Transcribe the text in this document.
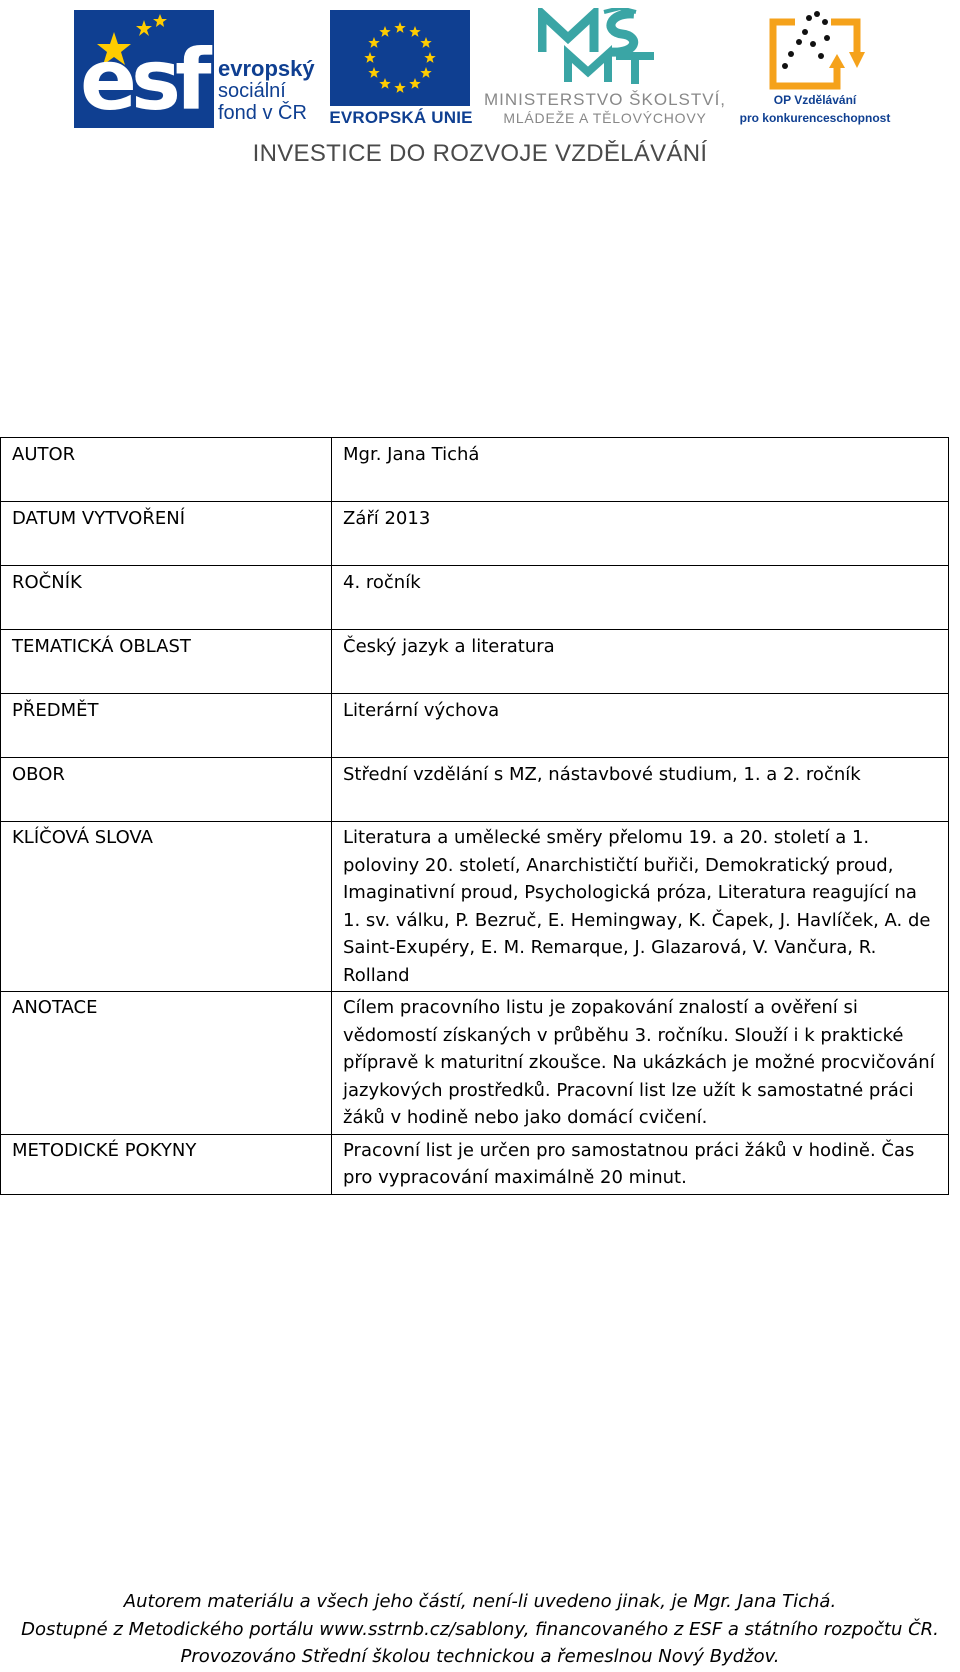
esf evropský
sociální
fond v ČR	EVROPSKÁ UNIE
MINISTERSTVO ŠKOLSTVÍ,
MLÁDEŽE A TĚLOVÝCHOVY
OP Vzdělávání
pro konkurenceschopnost
INVESTICE DO ROZVOJE VZDĚLÁVÁNÍ
AUTOR	Mgr. Jana Tichá
DATUM VYTVOŘENÍ	Září 2013
ROČNÍK	4. ročník
TEMATICKÁ OBLAST	Český jazyk a literatura
PŘEDMĚT	Literární výchova
OBOR	Střední vzdělání s MZ, nástavbové studium, 1. a 2. ročník
KLÍČOVÁ SLOVA	Literatura a umělecké směry přelomu 19. a 20. století a 1. poloviny 20. století, Anarchističtí buřiči, Demokratický proud, Imaginativní proud, Psychologická próza, Literatura reagující na 1. sv. válku, P. Bezruč, E. Hemingway, K. Čapek, J. Havlíček, A. de Saint-Exupéry, E. M. Remarque, J. Glazarová, V. Vančura, R. Rolland
ANOTACE	Cílem pracovního listu je zopakování znalostí a ověření si vědomostí získaných v průběhu 3. ročníku. Slouží i k praktické přípravě k maturitní zkoušce. Na ukázkách je možné procvičování jazykových prostředků. Pracovní list lze užít k samostatné práci žáků v hodině nebo jako domácí cvičení.
METODICKÉ POKYNY	Pracovní list je určen pro samostatnou práci žáků v hodině. Čas pro vypracování maximálně 20 minut.
Autorem materiálu a všech jeho částí, není-li uvedeno jinak, je Mgr. Jana Tichá.
Dostupné z Metodického portálu www.sstrnb.cz/sablony, financovaného z ESF a státního rozpočtu ČR.
Provozováno Střední školou technickou a řemeslnou Nový Bydžov.
